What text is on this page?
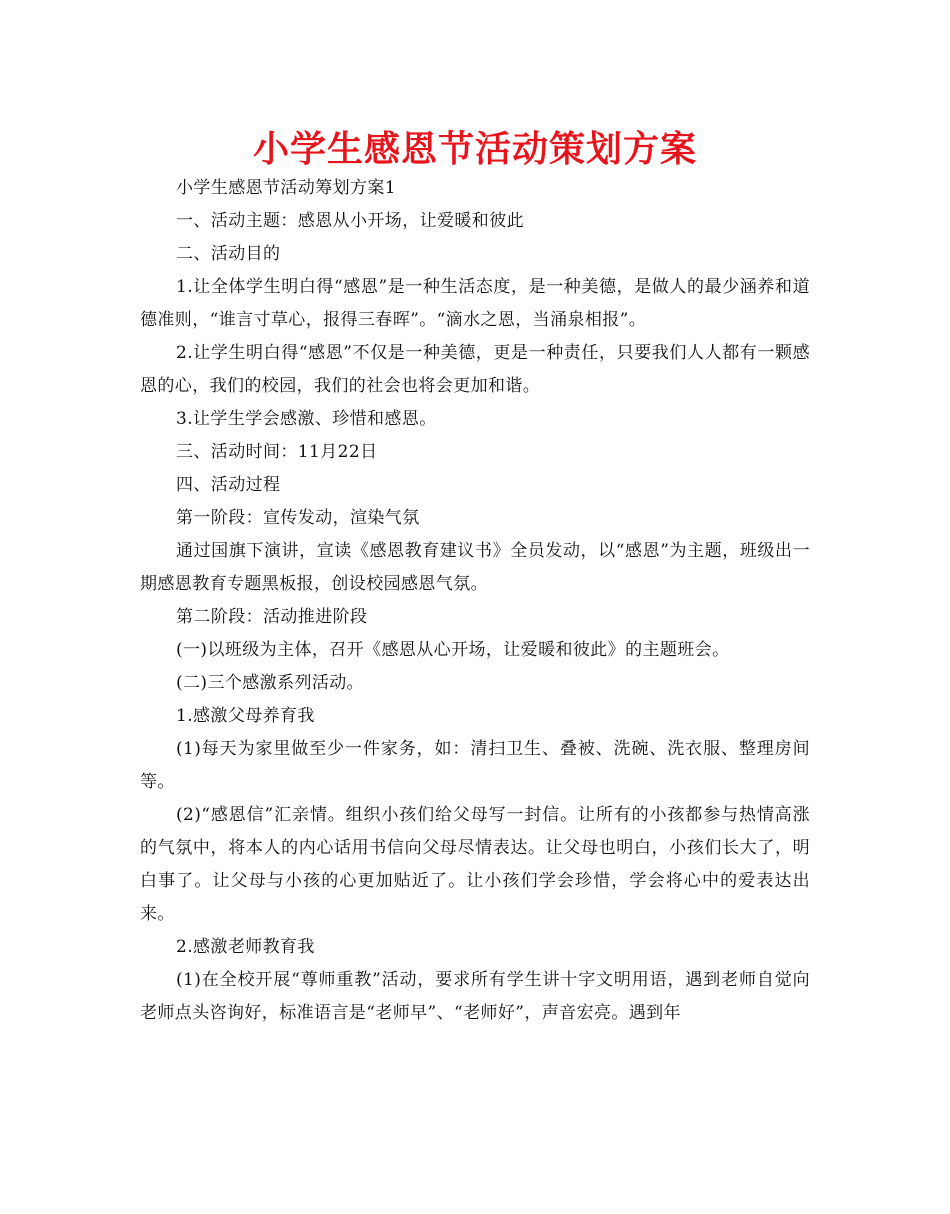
小学生感恩节活动策划方案

小学生感恩节活动筹划方案1

一、活动主题：感恩从小开场，让爱暖和彼此

二、活动目的

1.让全体学生明白得“感恩”是一种生活态度，是一种美德，是做人的最少涵养和道德准则，“谁言寸草心，报得三春晖”。“滴水之恩，当涌泉相报”。

2.让学生明白得“感恩”不仅是一种美德，更是一种责任，只要我们人人都有一颗感恩的心，我们的校园，我们的社会也将会更加和谐。

3.让学生学会感激、珍惜和感恩。

三、活动时间：11月22日

四、活动过程

第一阶段：宣传发动，渲染气氛

通过国旗下演讲，宣读《感恩教育建议书》全员发动，以“感恩”为主题，班级出一期感恩教育专题黑板报，创设校园感恩气氛。

第二阶段：活动推进阶段

(一)以班级为主体，召开《感恩从心开场，让爱暖和彼此》的主题班会。

(二)三个感激系列活动。

1.感激父母养育我

(1)每天为家里做至少一件家务，如：清扫卫生、叠被、洗碗、洗衣服、整理房间等。

(2)“感恩信”汇亲情。组织小孩们给父母写一封信。让所有的小孩都参与热情高涨的气氛中，将本人的内心话用书信向父母尽情表达。让父母也明白，小孩们长大了，明白事了。让父母与小孩的心更加贴近了。让小孩们学会珍惜，学会将心中的爱表达出来。

2.感激老师教育我

(1)在全校开展“尊师重教”活动，要求所有学生讲十字文明用语，遇到老师自觉向老师点头咨询好，标准语言是“老师早”、“老师好”，声音宏亮。遇到年
